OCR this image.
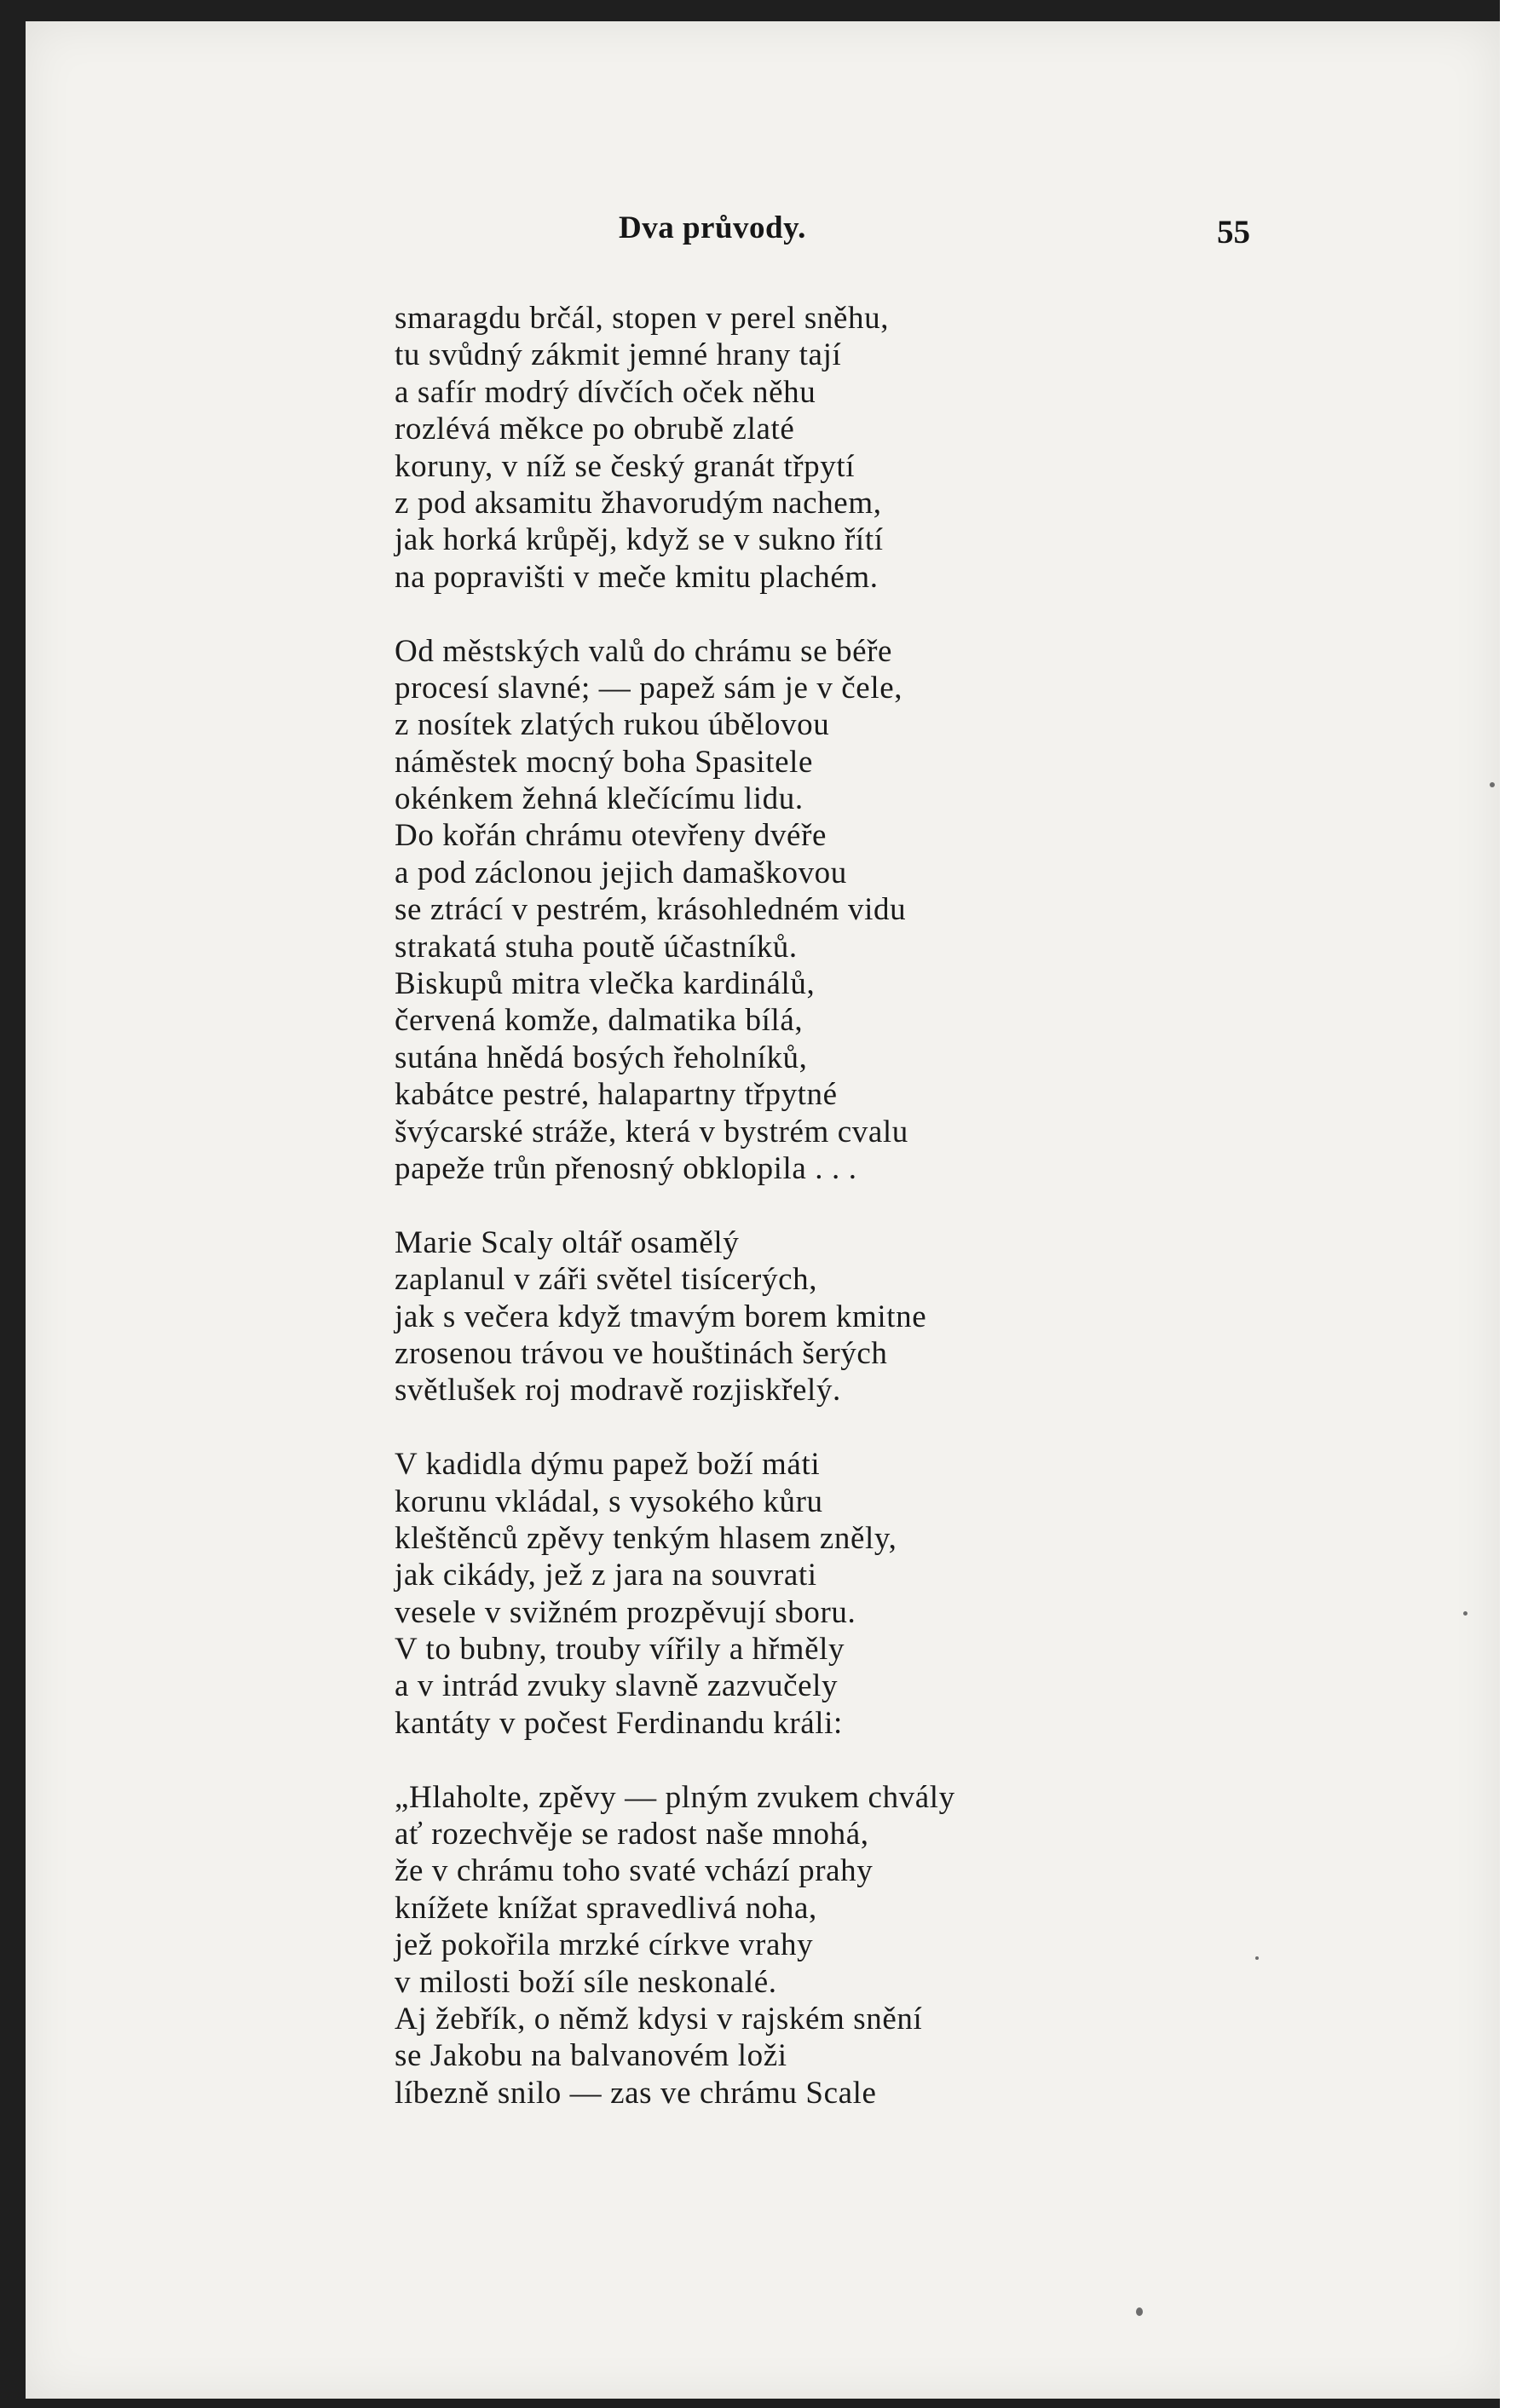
Dva průvody.	55
smaragdu brčál, stopen v perel sněhu,
tu svůdný zákmit jemné hrany tají
a safír modrý dívčích oček něhu
rozlévá měkce po obrubě zlaté
koruny, v níž se český granát třpytí
z pod aksamitu žhavorudým nachem,
jak horká krůpěj, když se v sukno řítí
na popravišti v meče kmitu plachém.
Od městských valů do chrámu se béře
procesí slavné; — papež sám je v čele,
z nosítek zlatých rukou úbělovou
náměstek mocný boha Spasitele
okénkem žehná klečícímu lidu.
Do kořán chrámu otevřeny dvéře
a pod záclonou jejich damaškovou
se ztrácí v pestrém, krásohledném vidu
strakatá stuha poutě účastníků.
Biskupů mitra vlečka kardinálů,
červená komže, dalmatika bílá,
sutána hnědá bosých řeholníků,
kabátce pestré, halapartny třpytné
švýcarské stráže, která v bystrém cvalu
papeže trůn přenosný obklopila . . .
Marie Scaly oltář osamělý
zaplanul v záři světel tisícerých,
jak s večera když tmavým borem kmitne
zrosenou trávou ve houštinách šerých
světlušek roj modravě rozjiskřelý.
V kadidla dýmu papež boží máti
korunu vkládal, s vysokého kůru
kleštěnců zpěvy tenkým hlasem zněly,
jak cikády, jež z jara na souvrati
vesele v svižném prozpěvují sboru.
V to bubny, trouby vířily a hřměly
a v intrád zvuky slavně zazvučely
kantáty v počest Ferdinandu králi:
„Hlaholte, zpěvy — plným zvukem chvály
ať rozechvěje se radost naše mnohá,
že v chrámu toho svaté vchází prahy
knížete knížat spravedlivá noha,
jež pokořila mrzké církve vrahy
v milosti boží síle neskonalé.
Aj žebřík, o němž kdysi v rajském snění
se Jakobu na balvanovém loži
líbezně snilo — zas ve chrámu Scale
